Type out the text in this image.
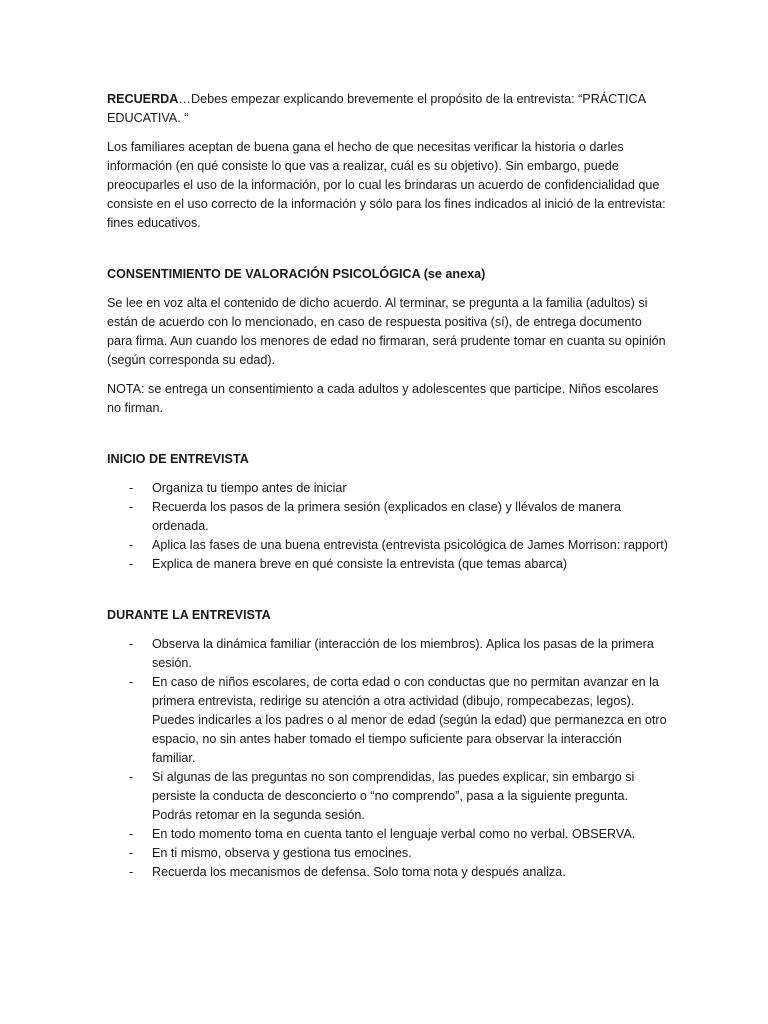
RECUERDA…Debes empezar explicando brevemente el propósito de la entrevista: “PRÁCTICA EDUCATIVA. “

Los familiares aceptan de buena gana el hecho de que necesitas verificar la historia o darles información (en qué consiste lo que vas a realizar, cuál es su objetivo). Sin embargo, puede preocuparles el uso de la información, por lo cual les brindaras un acuerdo de confidencialidad que consiste en el uso correcto de la información y sólo para los fines indicados al inició de la entrevista: fines educativos.

CONSENTIMIENTO DE VALORACIÓN PSICOLÓGICA (se anexa)

Se lee en voz alta el contenido de dicho acuerdo. Al terminar, se pregunta a la familia (adultos) si están de acuerdo con lo mencionado, en caso de respuesta positiva (sí), de entrega documento para firma. Aun cuando los menores de edad no firmaran, será prudente tomar en cuanta su opinión (según corresponda su edad).

NOTA: se entrega un consentimiento a cada adultos y adolescentes que participe. Niños escolares no firman.

INICIO DE ENTREVISTA

- Organiza tu tiempo antes de iniciar
- Recuerda los pasos de la primera sesión (explicados en clase) y llévalos de manera ordenada.
- Aplica las fases de una buena entrevista (entrevista psicológica de James Morrison: rapport)
- Explica de manera breve en qué consiste la entrevista (que temas abarca)

DURANTE LA ENTREVISTA

- Observa la dinámica familiar (interacción de los miembros). Aplica los pasas de la primera sesión.
- En caso de niños escolares, de corta edad o con conductas que no permitan avanzar en la primera entrevista, redirige su atención a otra actividad (dibujo, rompecabezas, legos). Puedes indicarles a los padres o al menor de edad (según la edad) que permanezca en otro espacio, no sin antes haber tomado el tiempo suficiente para observar la interacción familiar.
- Si algunas de las preguntas no son comprendidas, las puedes explicar, sin embargo si persiste la conducta de desconcierto o “no comprendo”, pasa a la siguiente pregunta. Podrás retomar en la segunda sesión.
- En todo momento toma en cuenta tanto el lenguaje verbal como no verbal. OBSERVA.
- En ti mismo, observa y gestiona tus emocines.
- Recuerda los mecanismos de defensa. Solo toma nota y después analiza.
